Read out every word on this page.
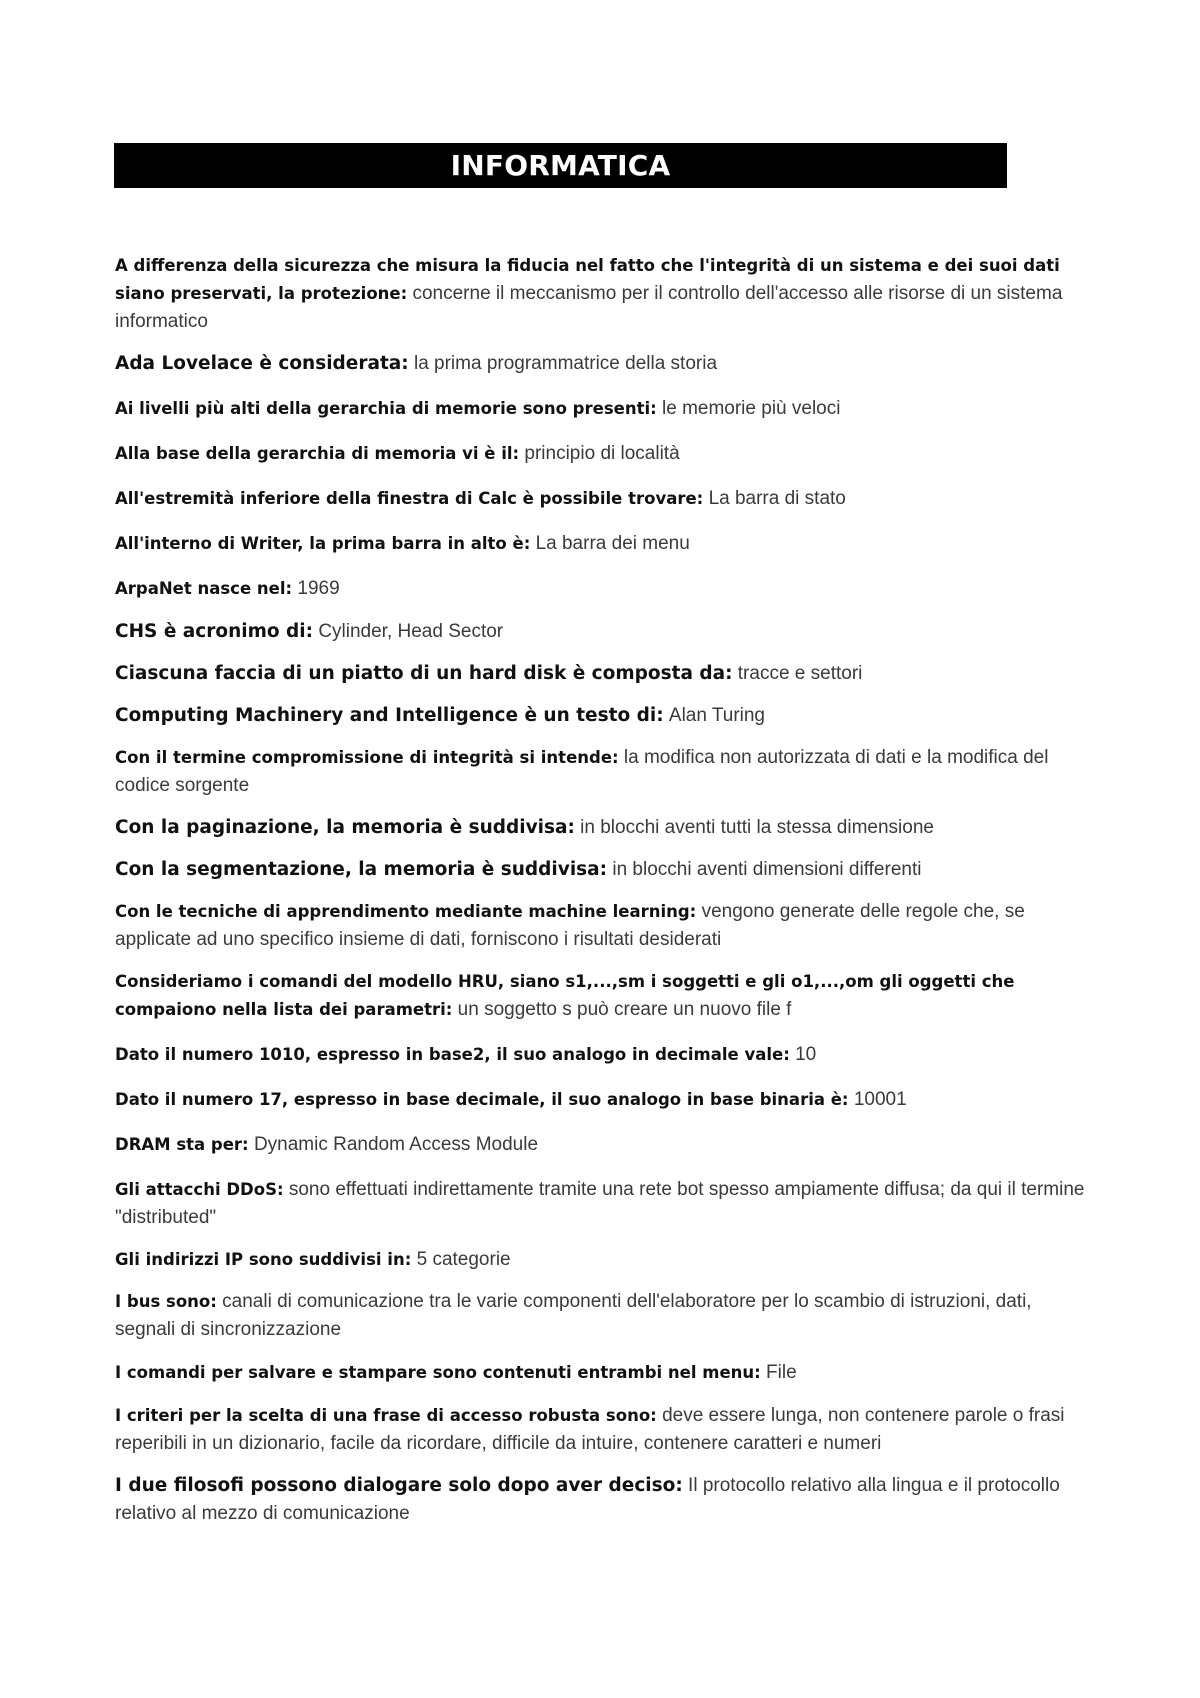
INFORMATICA

A differenza della sicurezza che misura la fiducia nel fatto che l'integrità di un sistema e dei suoi dati siano preservati, la protezione: concerne il meccanismo per il controllo dell'accesso alle risorse di un sistema informatico

Ada Lovelace è considerata: la prima programmatrice della storia

Ai livelli più alti della gerarchia di memorie sono presenti: le memorie più veloci

Alla base della gerarchia di memoria vi è il: principio di località

All'estremità inferiore della finestra di Calc è possibile trovare: La barra di stato

All'interno di Writer, la prima barra in alto è: La barra dei menu

ArpaNet nasce nel: 1969

CHS è acronimo di: Cylinder, Head Sector

Ciascuna faccia di un piatto di un hard disk è composta da: tracce e settori

Computing Machinery and Intelligence è un testo di: Alan Turing

Con il termine compromissione di integrità si intende: la modifica non autorizzata di dati e la modifica del codice sorgente

Con la paginazione, la memoria è suddivisa: in blocchi aventi tutti la stessa dimensione

Con la segmentazione, la memoria è suddivisa: in blocchi aventi dimensioni differenti

Con le tecniche di apprendimento mediante machine learning: vengono generate delle regole che, se applicate ad uno specifico insieme di dati, forniscono i risultati desiderati

Consideriamo i comandi del modello HRU, siano s1,...,sm i soggetti e gli o1,...,om gli oggetti che compaiono nella lista dei parametri: un soggetto s può creare un nuovo file f

Dato il numero 1010, espresso in base2, il suo analogo in decimale vale: 10

Dato il numero 17, espresso in base decimale, il suo analogo in base binaria è: 10001

DRAM sta per: Dynamic Random Access Module

Gli attacchi DDoS: sono effettuati indirettamente tramite una rete bot spesso ampiamente diffusa; da qui il termine "distributed"

Gli indirizzi IP sono suddivisi in: 5 categorie

I bus sono: canali di comunicazione tra le varie componenti dell'elaboratore per lo scambio di istruzioni, dati, segnali di sincronizzazione

I comandi per salvare e stampare sono contenuti entrambi nel menu: File

I criteri per la scelta di una frase di accesso robusta sono: deve essere lunga, non contenere parole o frasi reperibili in un dizionario, facile da ricordare, difficile da intuire, contenere caratteri e numeri

I due filosofi possono dialogare solo dopo aver deciso: Il protocollo relativo alla lingua e il protocollo relativo al mezzo di comunicazione
